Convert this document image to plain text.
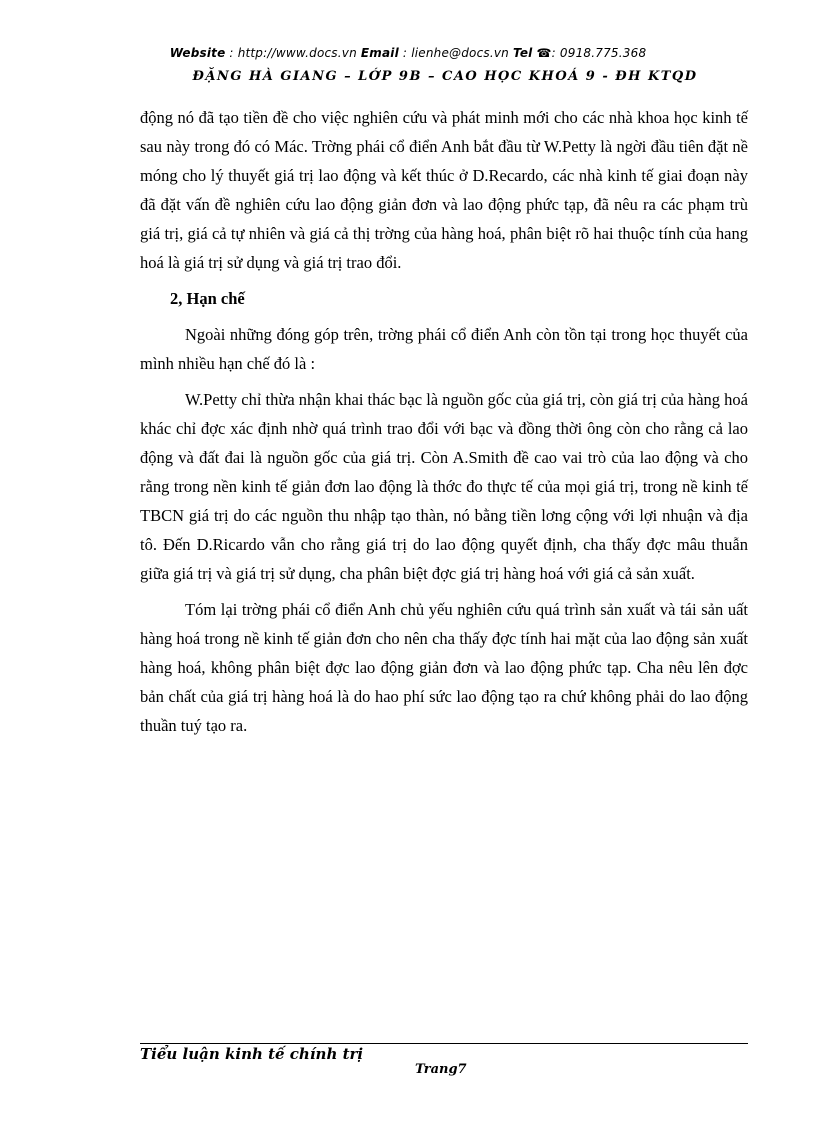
Website : http://www.docs.vn Email : lienhe@docs.vn Tel ☎: 0918.775.368
ĐẶNG HÀ GIANG – LỚP 9B – CAO HỌC KHOÁ 9 - ĐH KTQD

động nó đã tạo tiền đề cho việc nghiên cứu và phát minh mới cho các nhà khoa học kinh tế sau này trong đó có Mác. Trờng phái cổ điển Anh bắt đầu từ W.Petty là ngời đầu tiên đặt nề móng cho lý thuyết giá trị lao động và kết thúc ở D.Recardo, các nhà kinh tế giai đoạn này đã đặt vấn đề nghiên cứu lao động giản đơn và lao động phức tạp, đã nêu ra các phạm trù giá trị, giá cả tự nhiên và giá cả thị trờng của hàng hoá, phân biệt rõ hai thuộc tính của hang hoá là giá trị sử dụng và giá trị trao đổi.

2, Hạn chế

Ngoài những đóng góp trên, trờng phái cổ điển Anh còn tồn tại trong học thuyết của mình nhiều hạn chế đó là :

W.Petty chỉ thừa nhận khai thác bạc là nguồn gốc của giá trị, còn giá trị của hàng hoá khác chỉ đợc xác định nhờ quá trình trao đổi với bạc và đồng thời ông còn cho rằng cả lao động và đất đai là nguồn gốc của giá trị. Còn A.Smith đề cao vai trò của lao động và cho rằng trong nền kinh tế giản đơn lao động là thớc đo thực tế của mọi giá trị, trong nề kinh tế TBCN giá trị do các nguồn thu nhập tạo thàn, nó bằng tiền lơng cộng với lợi nhuận và địa tô. Đến D.Ricardo vẫn cho rằng giá trị do lao động quyết định, cha thấy đợc mâu thuẫn giữa giá trị và giá trị sử dụng, cha phân biệt đợc giá trị hàng hoá với giá cả sản xuất.

Tóm lại trờng phái cổ điển Anh chủ yếu nghiên cứu quá trình sản xuất và tái sản uất hàng hoá trong nề kinh tế giản đơn cho nên cha thấy đợc tính hai mặt của lao động sản xuất hàng hoá, không phân biệt đợc lao động giản đơn và lao động phức tạp. Cha nêu lên đợc bản chất của giá trị hàng hoá là do hao phí sức lao động tạo ra chứ không phải do lao động thuần tuý tạo ra.

Tiểu luận kinh tế chính trị
Trang7
